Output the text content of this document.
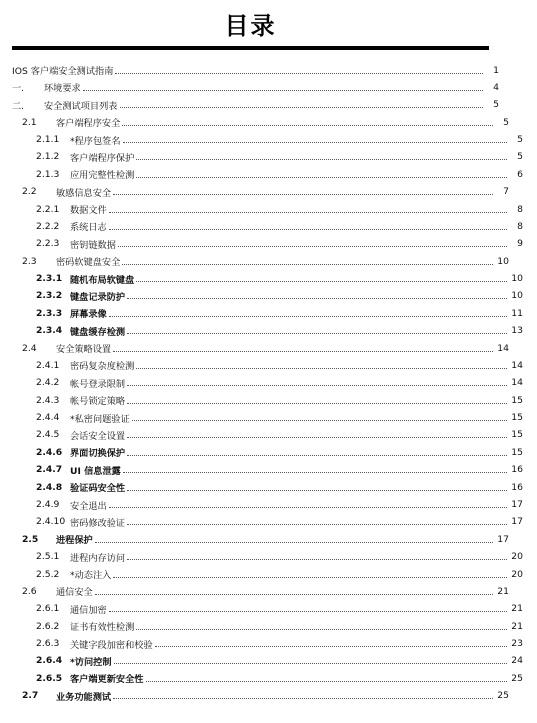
目录
IOS 客户端安全测试指南	1
一.	环境要求	4
二.	安全测试项目列表	5
2.1	客户端程序安全	5
2.1.1	*程序包签名	5
2.1.2	客户端程序保护	5
2.1.3	应用完整性检测	6
2.2	敏感信息安全	7
2.2.1	数据文件	8
2.2.2	系统日志	8
2.2.3	密钥链数据	9
2.3	密码软键盘安全	10
2.3.1 随机布局软键盘	10
2.3.2 键盘记录防护	10
2.3.3 屏幕录像	11
2.3.4 键盘缓存检测	13
2.4	安全策略设置	14
2.4.1	密码复杂度检测	14
2.4.2	帐号登录限制	14
2.4.3	帐号锁定策略	15
2.4.4	*私密问题验证	15
2.4.5	会话安全设置	15
2.4.6 界面切换保护	15
2.4.7 UI 信息泄露	16
2.4.8 验证码安全性	16
2.4.9	安全退出	17
2.4.10 密码修改验证	17
2.5	进程保护	17
2.5.1	进程内存访问	20
2.5.2	*动态注入	20
2.6	通信安全	21
2.6.1	通信加密	21
2.6.2	证书有效性检测	21
2.6.3	关键字段加密和校验	23
2.6.4 *访问控制	24
2.6.5 客户端更新安全性	25
2.7	业务功能测试	25
